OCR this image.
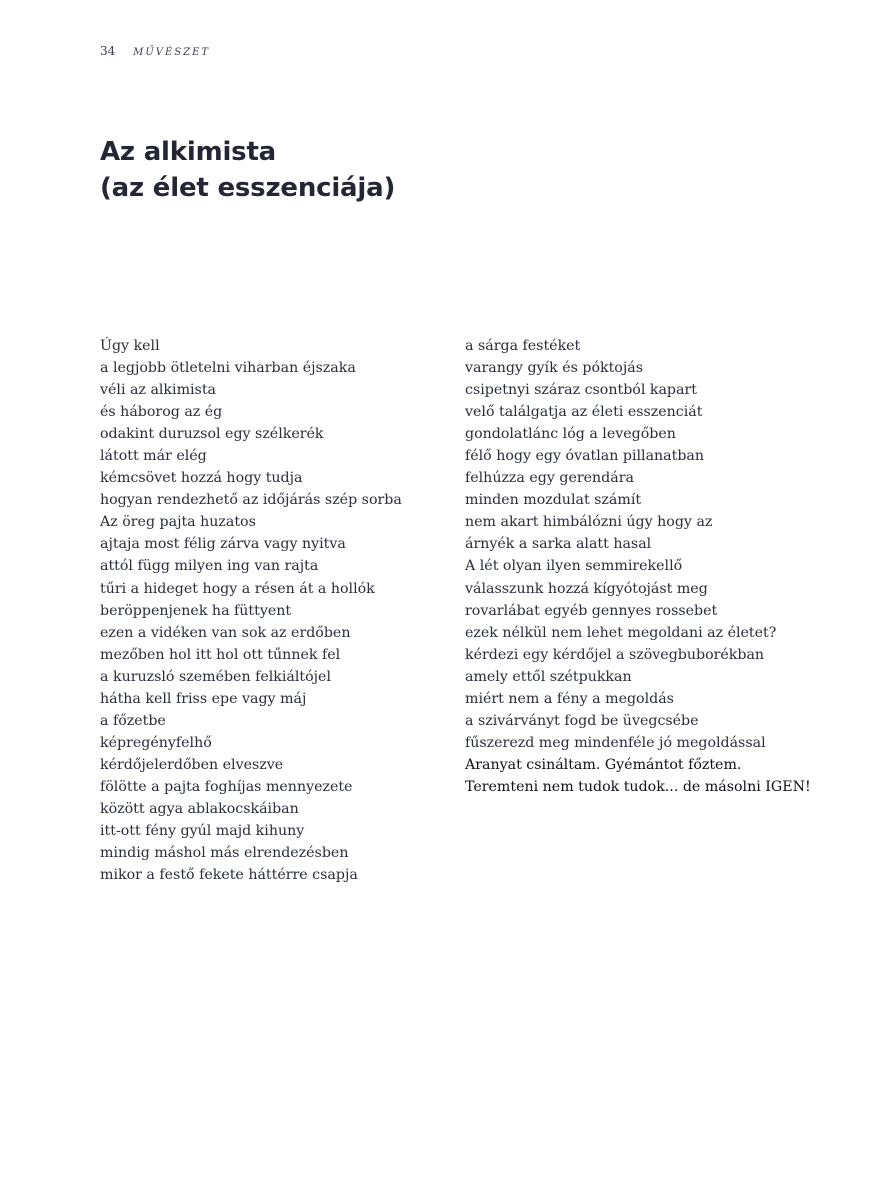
34 MŰVÉSZET
Az alkimista
(az élet esszenciája)
Úgy kell
a legjobb ötletelni viharban éjszaka
véli az alkimista
és háborog az ég
odakint duruzsol egy szélkerék
látott már elég
kémcsövet hozzá hogy tudja
hogyan rendezhető az időjárás szép sorba
Az öreg pajta huzatos
ajtaja most félig zárva vagy nyitva
attól függ milyen ing van rajta
tűri a hideget hogy a résen át a hollók
beröppenjenek ha füttyent
ezen a vidéken van sok az erdőben
mezőben hol itt hol ott tűnnek fel
a kuruzsló szemében felkiáltójel
hátha kell friss epe vagy máj
a főzetbe
képregényfelhő
kérdőjelerdőben elveszve
fölötte a pajta foghíjas mennyezete
között agya ablakocskáiban
itt-ott fény gyúl majd kihuny
mindig máshol más elrendezésben
mikor a festő fekete háttérre csapja
a sárga festéket
varangy gyík és póktojás
csipetnyi száraz csontból kapart
velő találgatja az életi esszenciát
gondolatlánc lóg a levegőben
félő hogy egy óvatlan pillanatban
felhúzza egy gerendára
minden mozdulat számít
nem akart himbálózni úgy hogy az
árnyék a sarka alatt hasal
A lét olyan ilyen semmirekellő
válasszunk hozzá kígyótojást meg
rovarlábat egyéb gennyes rossebet
ezek nélkül nem lehet megoldani az életet?
kérdezi egy kérdőjel a szövegbuborékban
amely ettől szétpukkan
miért nem a fény a megoldás
a szivárványt fogd be üvegcsébe
fűszerezd meg mindenféle jó megoldással
Aranyat csináltam. Gyémántot főztem.
Teremteni nem tudok tudok... de másolni IGEN!
